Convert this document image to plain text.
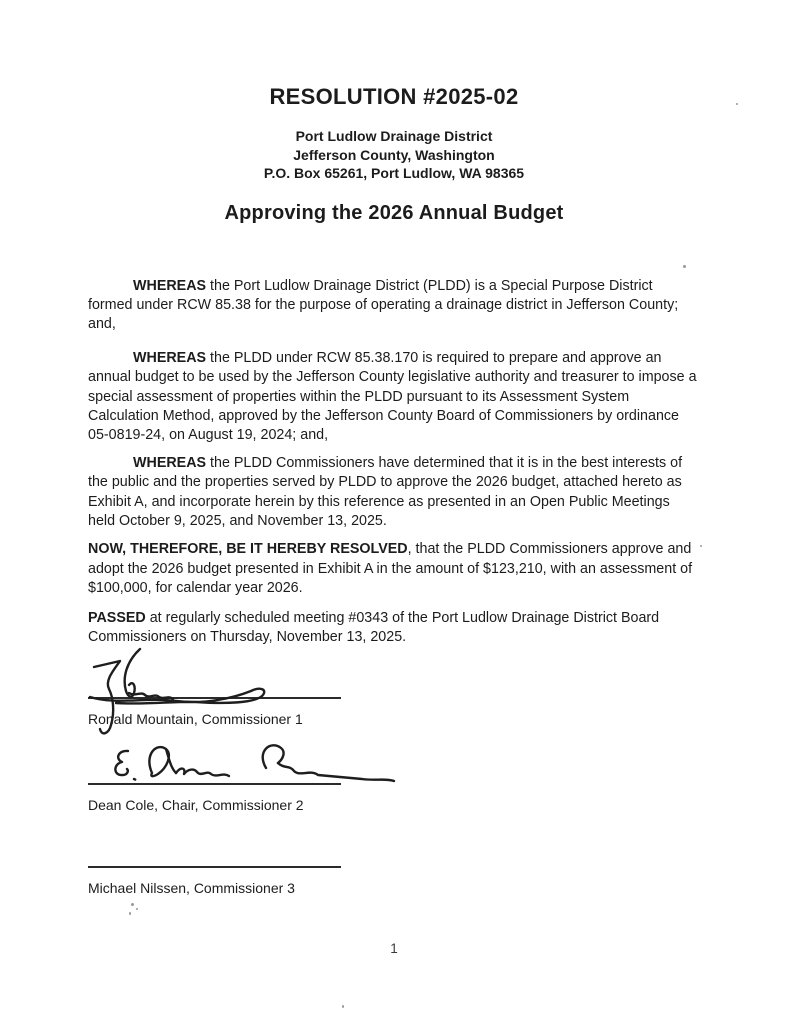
RESOLUTION #2025-02
Port Ludlow Drainage District
Jefferson County, Washington
P.O. Box 65261, Port Ludlow, WA 98365
Approving the 2026 Annual Budget

WHEREAS the Port Ludlow Drainage District (PLDD) is a Special Purpose District formed under RCW 85.38 for the purpose of operating a drainage district in Jefferson County; and,

WHEREAS the PLDD under RCW 85.38.170 is required to prepare and approve an annual budget to be used by the Jefferson County legislative authority and treasurer to impose a special assessment of properties within the PLDD pursuant to its Assessment System Calculation Method, approved by the Jefferson County Board of Commissioners by ordinance 05-0819-24, on August 19, 2024; and,

WHEREAS the PLDD Commissioners have determined that it is in the best interests of the public and the properties served by PLDD to approve the 2026 budget, attached hereto as Exhibit A, and incorporate herein by this reference as presented in an Open Public Meetings held October 9, 2025, and November 13, 2025.

NOW, THEREFORE, BE IT HEREBY RESOLVED, that the PLDD Commissioners approve and adopt the 2026 budget presented in Exhibit A in the amount of $123,210, with an assessment of $100,000, for calendar year 2026.

PASSED at regularly scheduled meeting #0343 of the Port Ludlow Drainage District Board Commissioners on Thursday, November 13, 2025.

Ronald Mountain, Commissioner 1
Dean Cole, Chair, Commissioner 2
Michael Nilssen, Commissioner 3
1
